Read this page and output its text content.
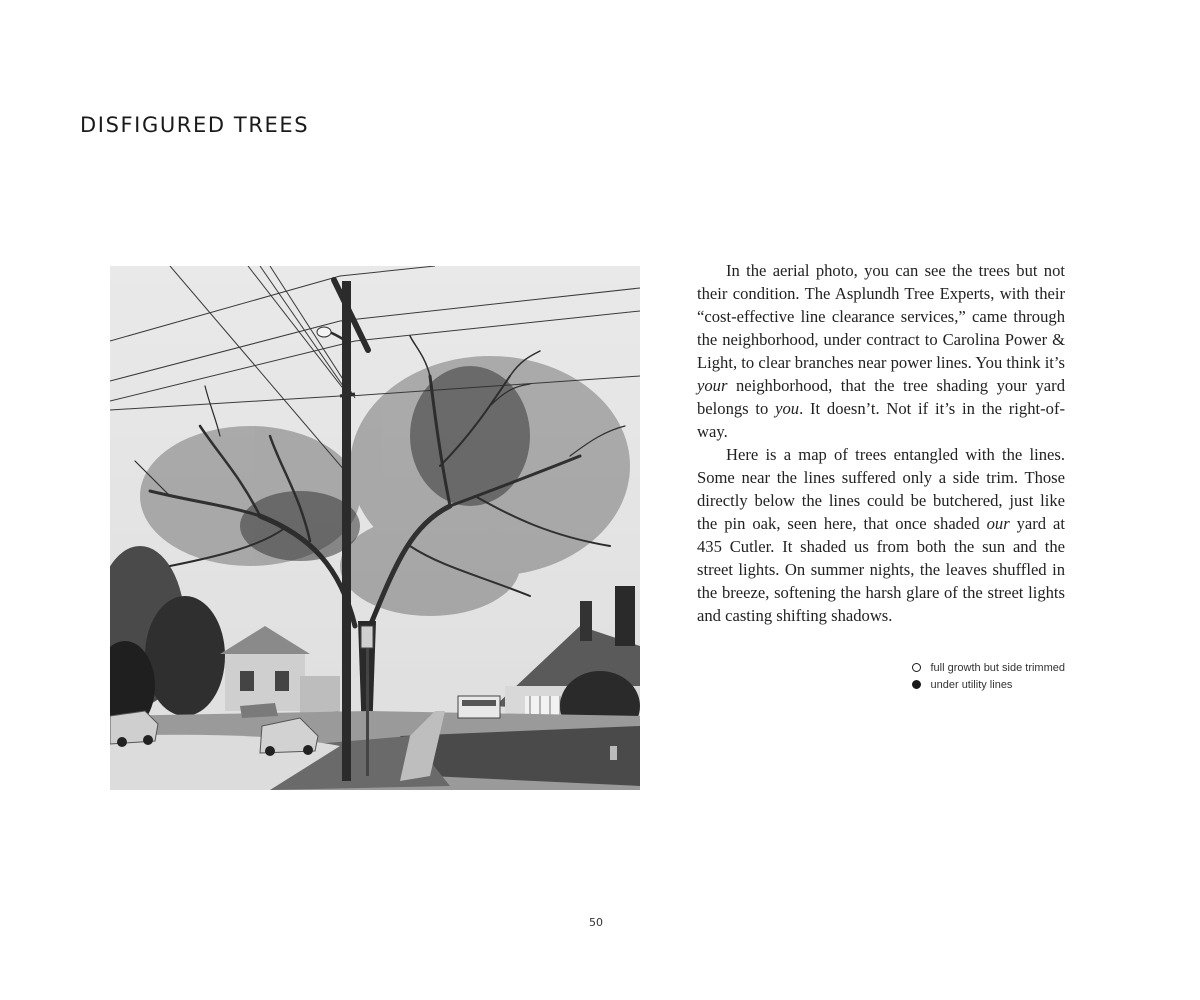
DISFIGURED TREES

In the aerial photo, you can see the trees but not their condition. The Asplundh Tree Experts, with their “cost-effective line clearance services,” came through the neighborhood, under contract to Carolina Power & Light, to clear branches near power lines. You think it’s your neighborhood, that the tree shading your yard belongs to you. It doesn’t. Not if it’s in the right-of-way.

Here is a map of trees entangled with the lines. Some near the lines suffered only a side trim. Those directly below the lines could be butchered, just like the pin oak, seen here, that once shaded our yard at 435 Cutler. It shaded us from both the sun and the street lights. On summer nights, the leaves shuffled in the breeze, softening the harsh glare of the street lights and casting shifting shadows.

full growth but side trimmed
under utility lines
50
